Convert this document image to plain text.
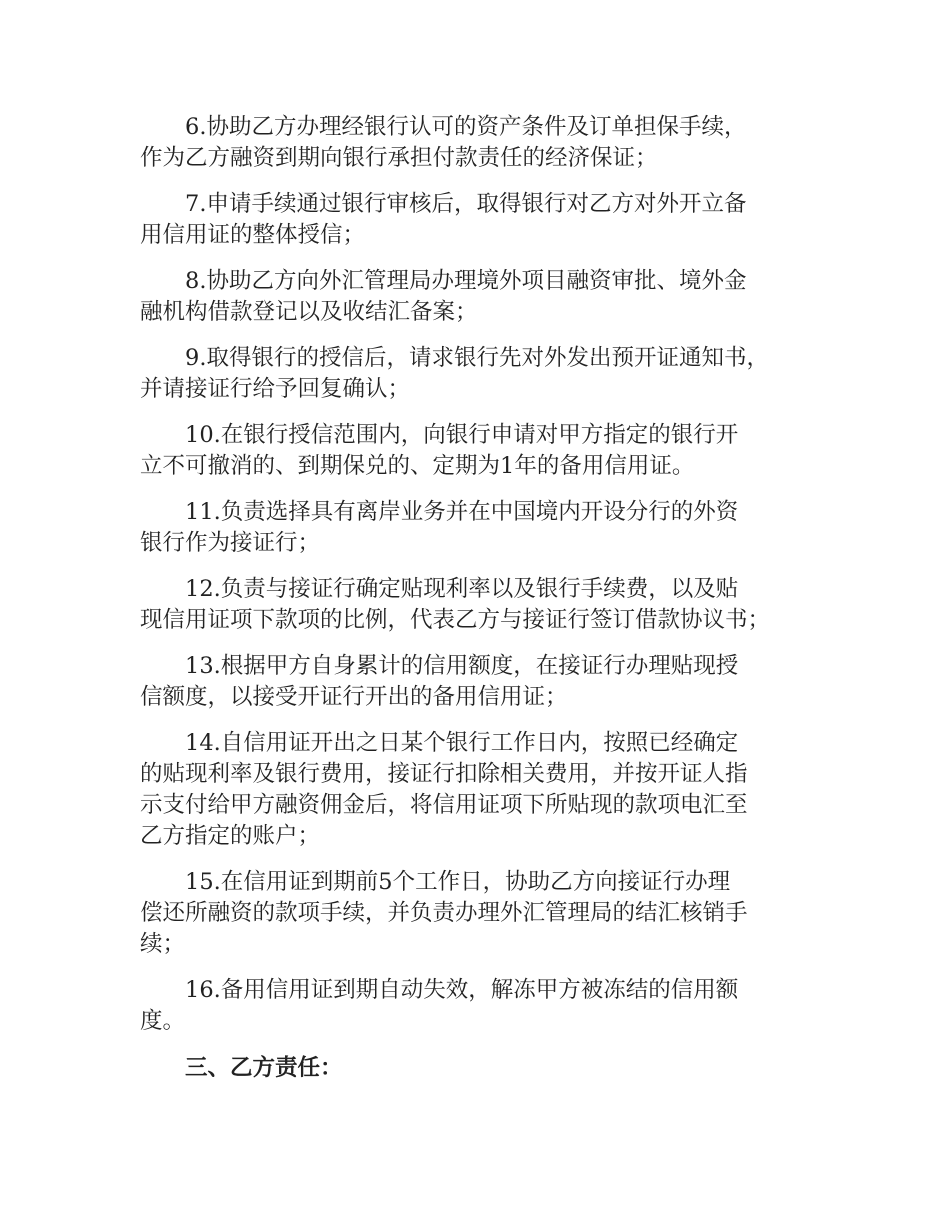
6.协助乙方办理经银行认可的资产条件及订单担保手续，
作为乙方融资到期向银行承担付款责任的经济保证；

7.申请手续通过银行审核后，取得银行对乙方对外开立备
用信用证的整体授信；

8.协助乙方向外汇管理局办理境外项目融资审批、境外金
融机构借款登记以及收结汇备案；

9.取得银行的授信后，请求银行先对外发出预开证通知书，
并请接证行给予回复确认；

10.在银行授信范围内，向银行申请对甲方指定的银行开
立不可撤消的、到期保兑的、定期为1年的备用信用证。

11.负责选择具有离岸业务并在中国境内开设分行的外资
银行作为接证行；

12.负责与接证行确定贴现利率以及银行手续费，以及贴
现信用证项下款项的比例，代表乙方与接证行签订借款协议书；

13.根据甲方自身累计的信用额度，在接证行办理贴现授
信额度，以接受开证行开出的备用信用证；

14.自信用证开出之日某个银行工作日内，按照已经确定
的贴现利率及银行费用，接证行扣除相关费用，并按开证人指
示支付给甲方融资佣金后，将信用证项下所贴现的款项电汇至
乙方指定的账户；

15.在信用证到期前5个工作日，协助乙方向接证行办理
偿还所融资的款项手续，并负责办理外汇管理局的结汇核销手
续；

16.备用信用证到期自动失效，解冻甲方被冻结的信用额
度。

三、乙方责任：
